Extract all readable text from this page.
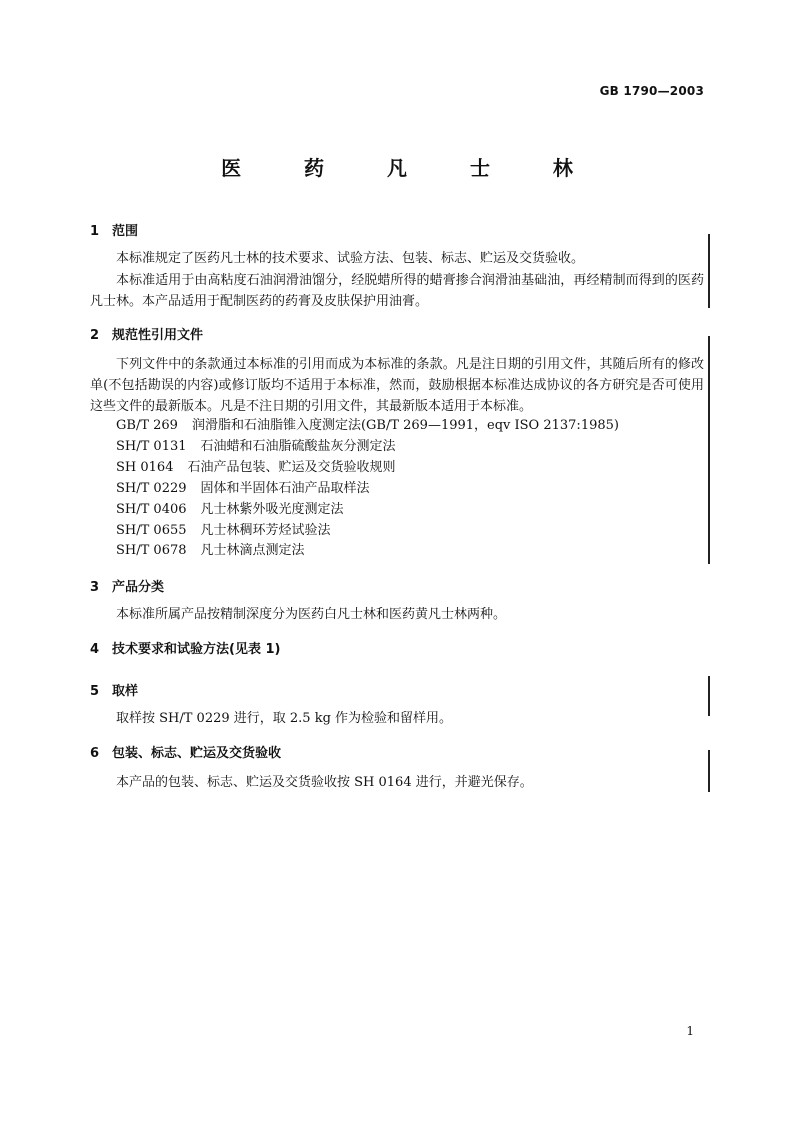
GB 1790—2003
医 药 凡 士 林
1 范围
本标准规定了医药凡士林的技术要求、试验方法、包装、标志、贮运及交货验收。
本标准适用于由高粘度石油润滑油馏分，经脱蜡所得的蜡膏掺合润滑油基础油，再经精制而得到的医药凡士林。本产品适用于配制医药的药膏及皮肤保护用油膏。
2 规范性引用文件
下列文件中的条款通过本标准的引用而成为本标准的条款。凡是注日期的引用文件，其随后所有的修改单(不包括勘误的内容)或修订版均不适用于本标准，然而，鼓励根据本标准达成协议的各方研究是否可使用这些文件的最新版本。凡是不注日期的引用文件，其最新版本适用于本标准。
GB/T 269 润滑脂和石油脂锥入度测定法(GB/T 269—1991，eqv ISO 2137:1985)
SH/T 0131 石油蜡和石油脂硫酸盐灰分测定法
SH 0164 石油产品包装、贮运及交货验收规则
SH/T 0229 固体和半固体石油产品取样法
SH/T 0406 凡士林紫外吸光度测定法
SH/T 0655 凡士林稠环芳烃试验法
SH/T 0678 凡士林滴点测定法
3 产品分类
本标准所属产品按精制深度分为医药白凡士林和医药黄凡士林两种。
4 技术要求和试验方法(见表 1)
5 取样
取样按 SH/T 0229 进行，取 2.5 kg 作为检验和留样用。
6 包装、标志、贮运及交货验收
本产品的包装、标志、贮运及交货验收按 SH 0164 进行，并避光保存。
1
